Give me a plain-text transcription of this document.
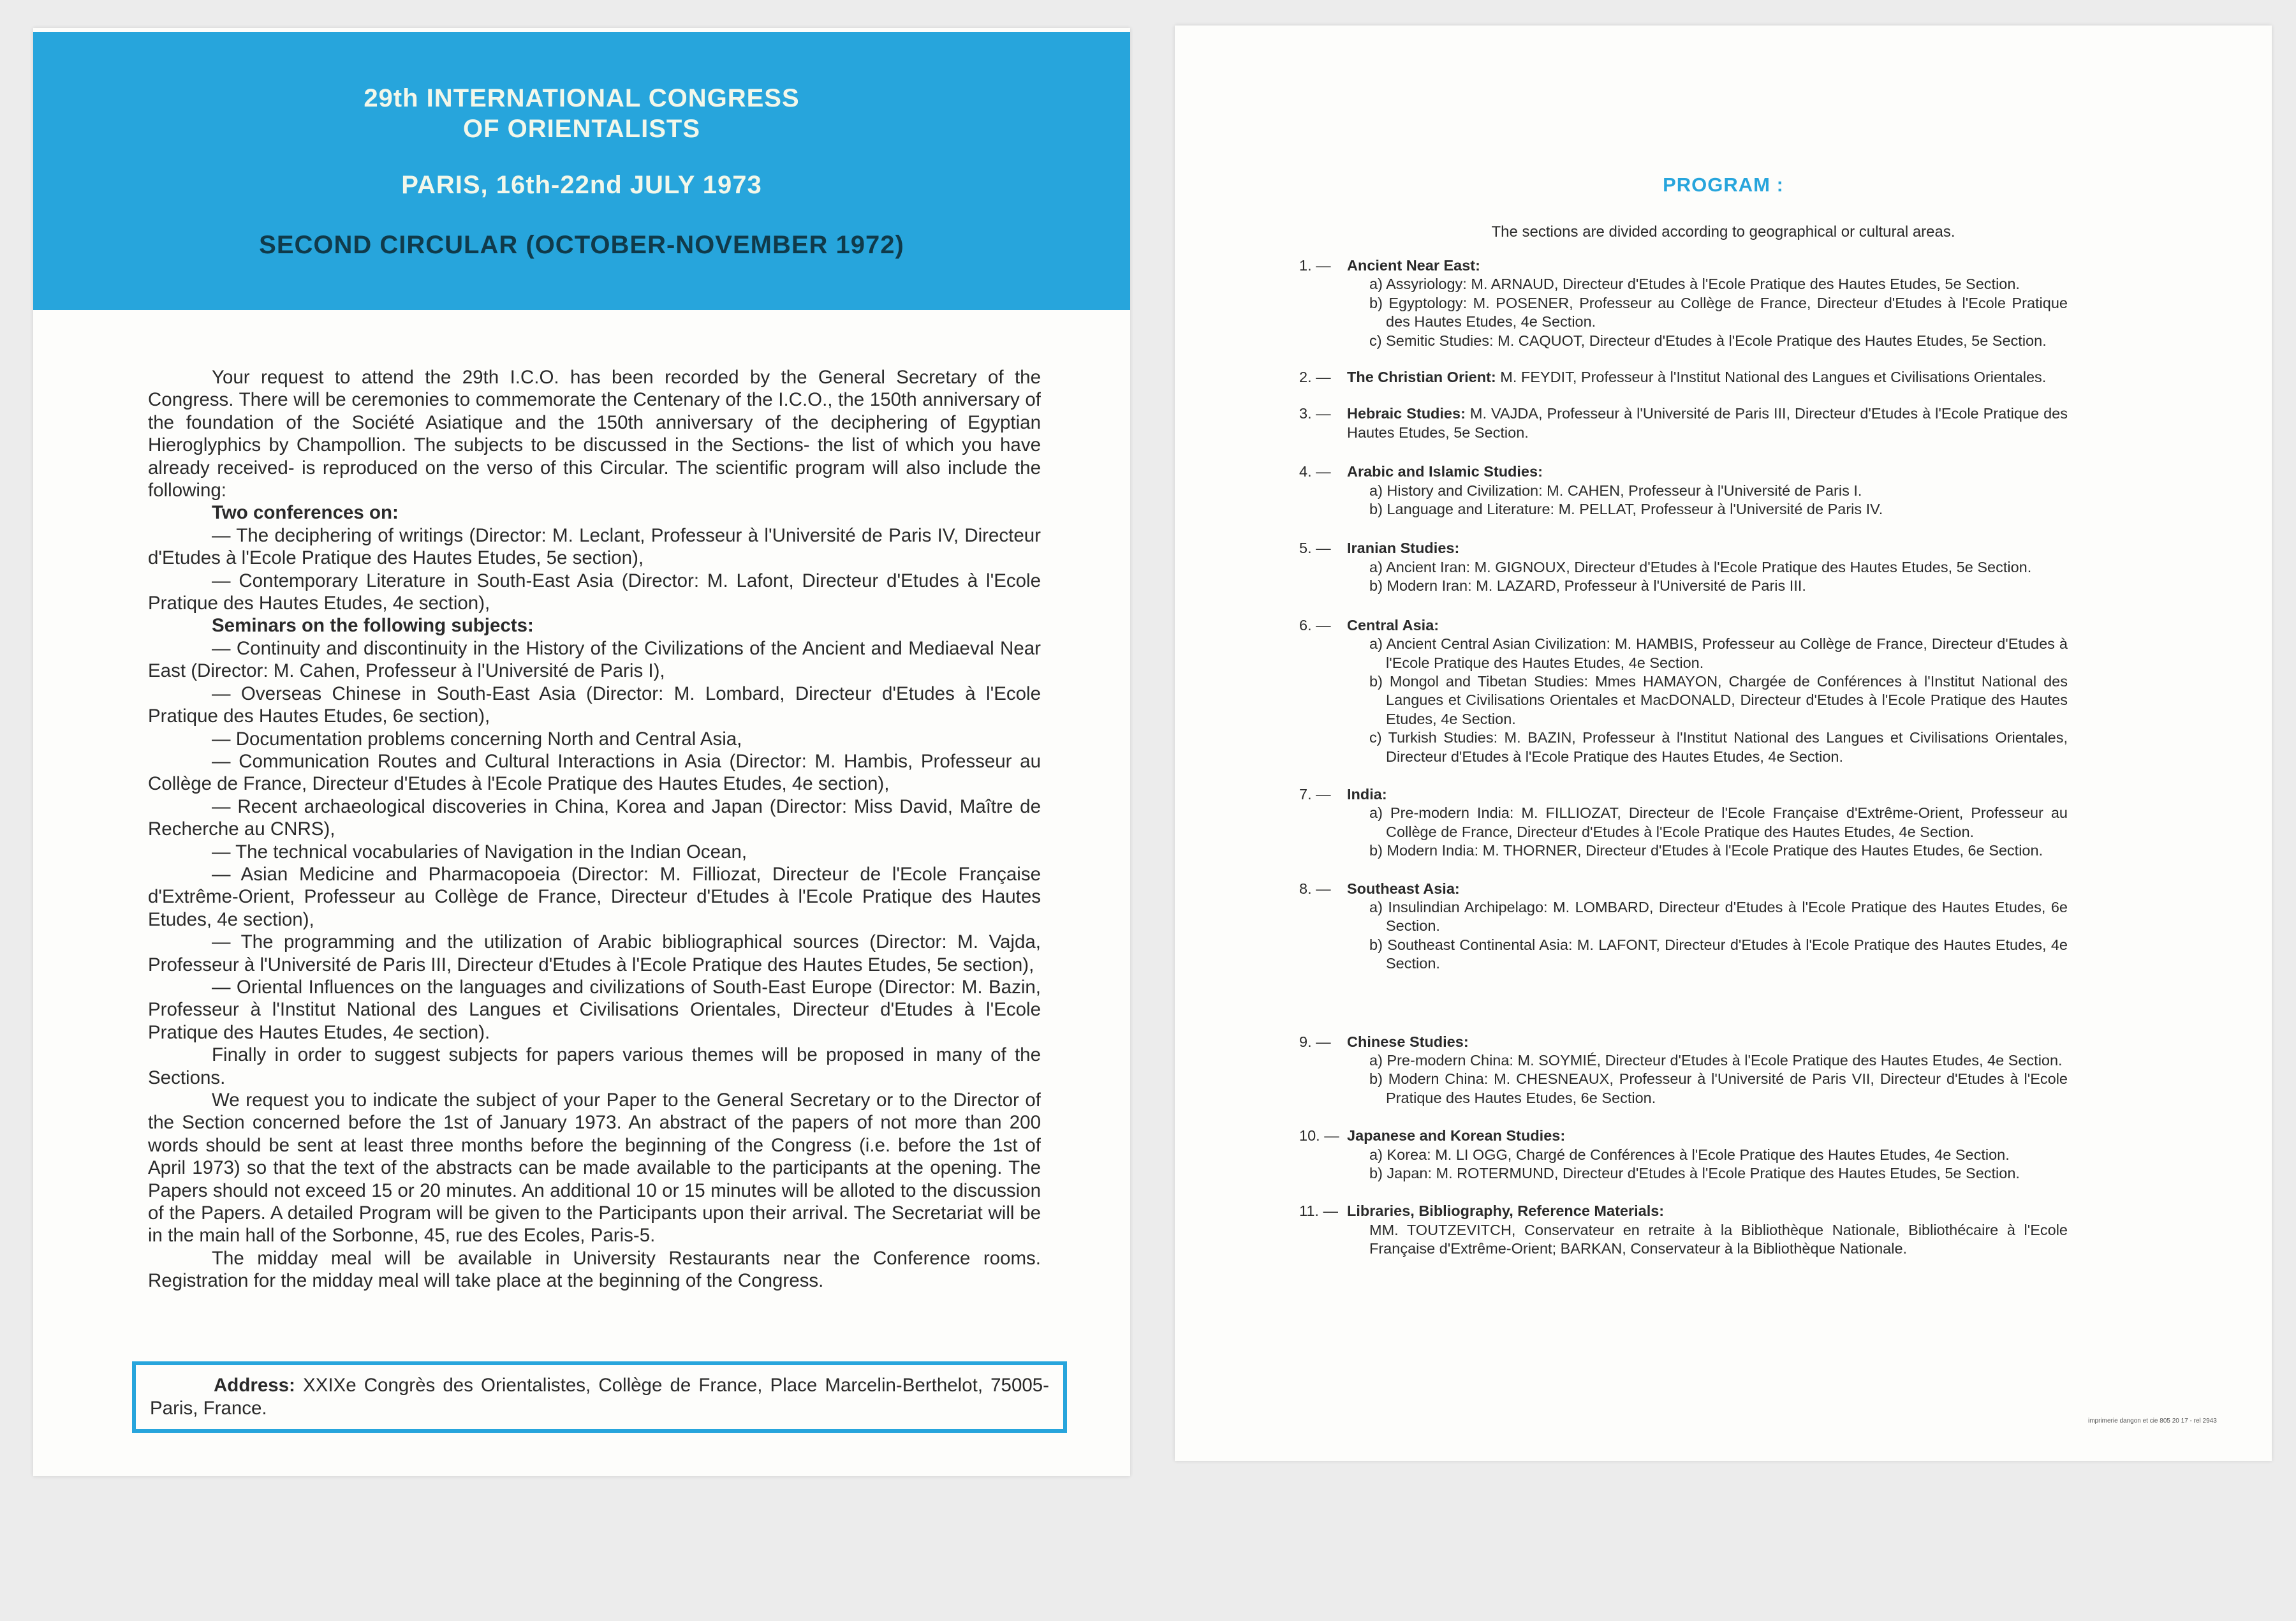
29th INTERNATIONAL CONGRESS
OF ORIENTALISTS
PARIS, 16th-22nd JULY 1973
SECOND CIRCULAR (OCTOBER-NOVEMBER 1972)

Your request to attend the 29th I.C.O. has been recorded by the General Secretary of the Congress. There will be ceremonies to commemorate the Centenary of the I.C.O., the 150th anniversary of the foundation of the Société Asiatique and the 150th anniversary of the deciphering of Egyptian Hieroglyphics by Champollion. The subjects to be discussed in the Sections- the list of which you have already received- is reproduced on the verso of this Circular. The scientific program will also include the following:

Two conferences on:

— The deciphering of writings (Director: M. Leclant, Professeur à l'Université de Paris IV, Directeur d'Etudes à l'Ecole Pratique des Hautes Etudes, 5e section),

— Contemporary Literature in South-East Asia (Director: M. Lafont, Directeur d'Etudes à l'Ecole Pratique des Hautes Etudes, 4e section),

Seminars on the following subjects:

— Continuity and discontinuity in the History of the Civilizations of the Ancient and Mediaeval Near East (Director: M. Cahen, Professeur à l'Université de Paris I),

— Overseas Chinese in South-East Asia (Director: M. Lombard, Directeur d'Etudes à l'Ecole Pratique des Hautes Etudes, 6e section),

— Documentation problems concerning North and Central Asia,

— Communication Routes and Cultural Interactions in Asia (Director: M. Hambis, Professeur au Collège de France, Directeur d'Etudes à l'Ecole Pratique des Hautes Etudes, 4e section),

— Recent archaeological discoveries in China, Korea and Japan (Director: Miss David, Maître de Recherche au CNRS),

— The technical vocabularies of Navigation in the Indian Ocean,

— Asian Medicine and Pharmacopoeia (Director: M. Filliozat, Directeur de l'Ecole Française d'Extrême-Orient, Professeur au Collège de France, Directeur d'Etudes à l'Ecole Pratique des Hautes Etudes, 4e section),

— The programming and the utilization of Arabic bibliographical sources (Director: M. Vajda, Professeur à l'Université de Paris III, Directeur d'Etudes à l'Ecole Pratique des Hautes Etudes, 5e section),

— Oriental Influences on the languages and civilizations of South-East Europe (Director: M. Bazin, Professeur à l'Institut National des Langues et Civilisations Orientales, Directeur d'Etudes à l'Ecole Pratique des Hautes Etudes, 4e section).

Finally in order to suggest subjects for papers various themes will be proposed in many of the Sections.

We request you to indicate the subject of your Paper to the General Secretary or to the Director of the Section concerned before the 1st of January 1973. An abstract of the papers of not more than 200 words should be sent at least three months before the beginning of the Congress (i.e. before the 1st of April 1973) so that the text of the abstracts can be made available to the participants at the opening. The Papers should not exceed 15 or 20 minutes. An additional 10 or 15 minutes will be alloted to the discussion of the Papers. A detailed Program will be given to the Participants upon their arrival. The Secretariat will be in the main hall of the Sorbonne, 45, rue des Ecoles, Paris-5.

The midday meal will be available in University Restaurants near the Conference rooms. Registration for the midday meal will take place at the beginning of the Congress.

Address: XXIXe Congrès des Orientalistes, Collège de France, Place Marcelin-Berthelot, 75005-Paris, France.
PROGRAM :
The sections are divided according to geographical or cultural areas.
1. —	Ancient Near East:
a) Assyriology: M. ARNAUD, Directeur d'Etudes à l'Ecole Pratique des Hautes Etudes, 5e Section.
b) Egyptology: M. POSENER, Professeur au Collège de France, Directeur d'Etudes à l'Ecole Pratique des Hautes Etudes, 4e Section.
c) Semitic Studies: M. CAQUOT, Directeur d'Etudes à l'Ecole Pratique des Hautes Etudes, 5e Section.
2. —	The Christian Orient: M. FEYDIT, Professeur à l'Institut National des Langues et Civilisations Orientales.
3. —	Hebraic Studies: M. VAJDA, Professeur à l'Université de Paris III, Directeur d'Etudes à l'Ecole Pratique des Hautes Etudes, 5e Section.
4. —	Arabic and Islamic Studies:
a) History and Civilization: M. CAHEN, Professeur à l'Université de Paris I.
b) Language and Literature: M. PELLAT, Professeur à l'Université de Paris IV.
5. —	Iranian Studies:
a) Ancient Iran: M. GIGNOUX, Directeur d'Etudes à l'Ecole Pratique des Hautes Etudes, 5e Section.
b) Modern Iran: M. LAZARD, Professeur à l'Université de Paris III.
6. —	Central Asia:
a) Ancient Central Asian Civilization: M. HAMBIS, Professeur au Collège de France, Directeur d'Etudes à l'Ecole Pratique des Hautes Etudes, 4e Section.
b) Mongol and Tibetan Studies: Mmes HAMAYON, Chargée de Conférences à l'Institut National des Langues et Civilisations Orientales et MacDONALD, Directeur d'Etudes à l'Ecole Pratique des Hautes Etudes, 4e Section.
c) Turkish Studies: M. BAZIN, Professeur à l'Institut National des Langues et Civilisations Orientales, Directeur d'Etudes à l'Ecole Pratique des Hautes Etudes, 4e Section.
7. —	India:
a) Pre-modern India: M. FILLIOZAT, Directeur de l'Ecole Française d'Extrême-Orient, Professeur au Collège de France, Directeur d'Etudes à l'Ecole Pratique des Hautes Etudes, 4e Section.
b) Modern India: M. THORNER, Directeur d'Etudes à l'Ecole Pratique des Hautes Etudes, 6e Section.
8. —	Southeast Asia:
a) Insulindian Archipelago: M. LOMBARD, Directeur d'Etudes à l'Ecole Pratique des Hautes Etudes, 6e Section.
b) Southeast Continental Asia: M. LAFONT, Directeur d'Etudes à l'Ecole Pratique des Hautes Etudes, 4e Section.
9. —	Chinese Studies:
a) Pre-modern China: M. SOYMIÉ, Directeur d'Etudes à l'Ecole Pratique des Hautes Etudes, 4e Section.
b) Modern China: M. CHESNEAUX, Professeur à l'Université de Paris VII, Directeur d'Etudes à l'Ecole Pratique des Hautes Etudes, 6e Section.
10. — Japanese and Korean Studies:
a) Korea: M. LI OGG, Chargé de Conférences à l'Ecole Pratique des Hautes Etudes, 4e Section.
b) Japan: M. ROTERMUND, Directeur d'Etudes à l'Ecole Pratique des Hautes Etudes, 5e Section.
11. — Libraries, Bibliography, Reference Materials:
MM. TOUTZEVITCH, Conservateur en retraite à la Bibliothèque Nationale, Bibliothécaire à l'Ecole Française d'Extrême-Orient; BARKAN, Conservateur à la Bibliothèque Nationale.
imprimerie dangon et cie 805 20 17 - rel 2943
